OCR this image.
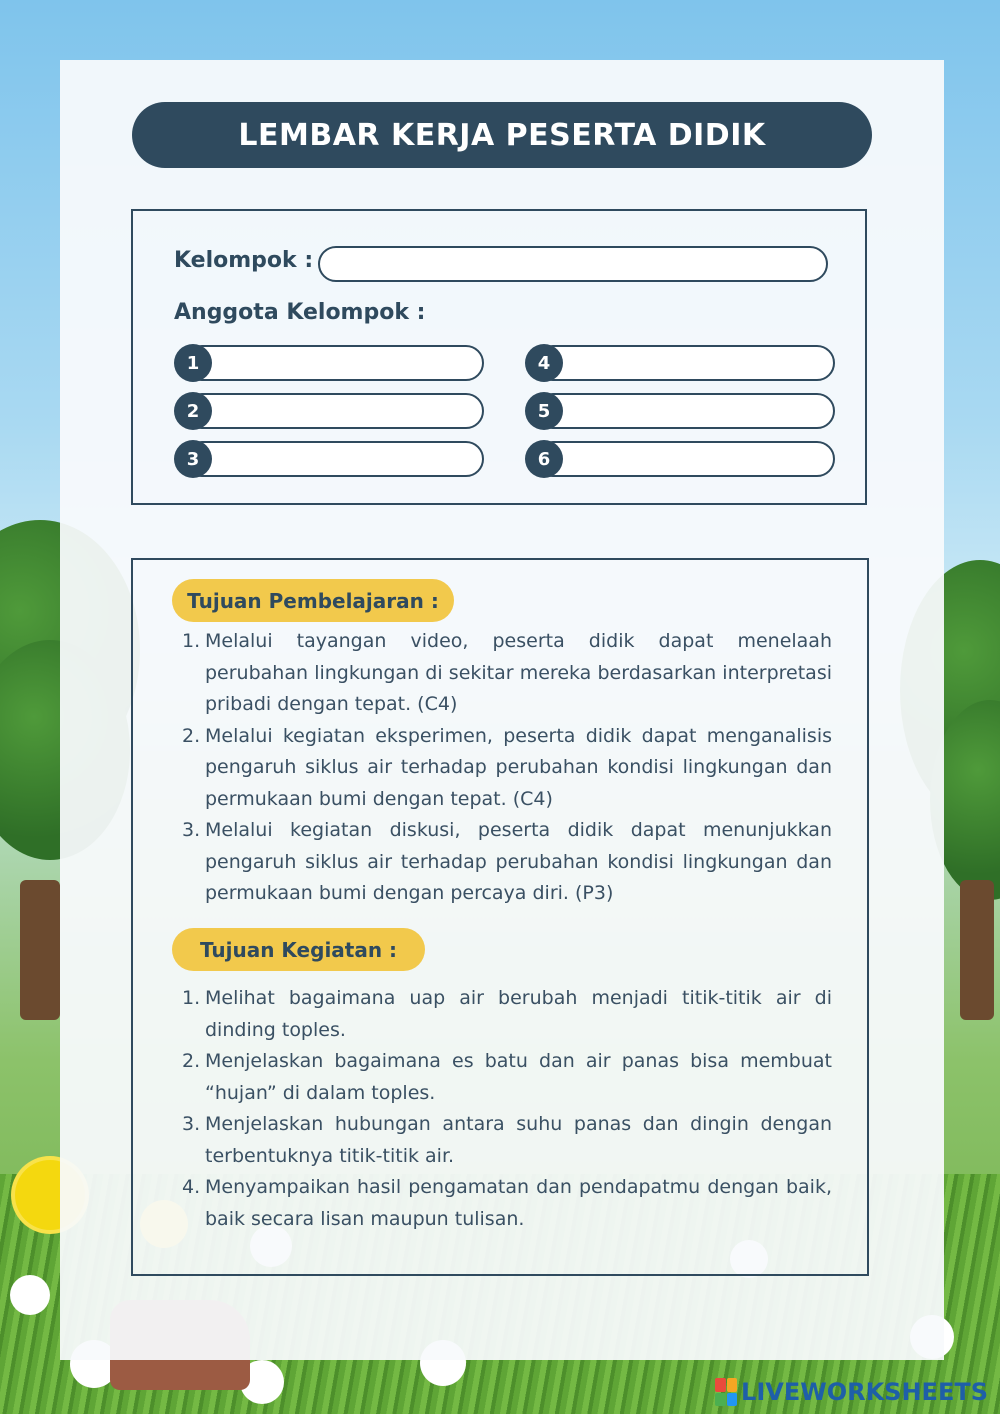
LEMBAR KERJA PESERTA DIDIK
Kelompok :
Anggota Kelompok :
1
2
3
4
5
6
Tujuan Pembelajaran :
1. Melalui tayangan video, peserta didik dapat menelaah perubahan lingkungan di sekitar mereka berdasarkan interpretasi pribadi dengan tepat. (C4)
2. Melalui kegiatan eksperimen, peserta didik dapat menganalisis pengaruh siklus air terhadap perubahan kondisi lingkungan dan permukaan bumi dengan tepat. (C4)
3. Melalui kegiatan diskusi, peserta didik dapat menunjukkan pengaruh siklus air terhadap perubahan kondisi lingkungan dan permukaan bumi dengan percaya diri. (P3)
Tujuan Kegiatan :
1. Melihat bagaimana uap air berubah menjadi titik-titik air di dinding toples.
2. Menjelaskan bagaimana es batu dan air panas bisa membuat “hujan” di dalam toples.
3. Menjelaskan hubungan antara suhu panas dan dingin dengan terbentuknya titik-titik air.
4. Menyampaikan hasil pengamatan dan pendapatmu dengan baik, baik secara lisan maupun tulisan.
LIVEWORKSHEETS
